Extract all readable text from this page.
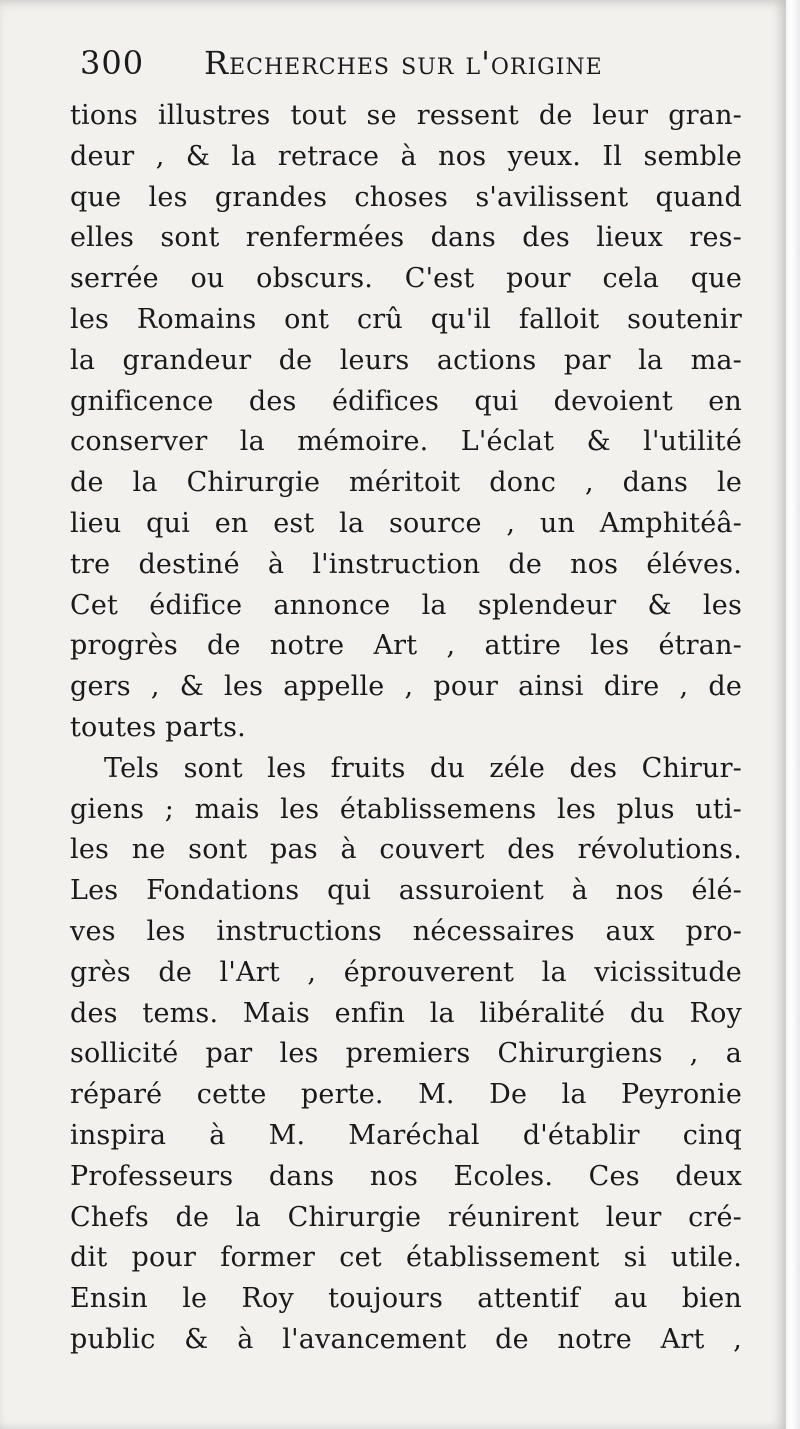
300 Recherches sur l'origine
tions illustres tout se ressent de leur gran-
deur , & la retrace à nos yeux. Il semble
que les grandes choses s'avilissent quand
elles sont renfermées dans des lieux res-
serrée ou obscurs. C'est pour cela que
les Romains ont crû qu'il falloit soutenir
la grandeur de leurs actions par la ma-
gnificence des édifices qui devoient en
conserver la mémoire. L'éclat & l'utilité
de la Chirurgie méritoit donc , dans le
lieu qui en est la source , un Amphitéâ-
tre destiné à l'instruction de nos éléves.
Cet édifice annonce la splendeur & les
progrès de notre Art , attire les étran-
gers , & les appelle , pour ainsi dire , de
toutes parts.
Tels sont les fruits du zéle des Chirur-
giens ; mais les établissemens les plus uti-
les ne sont pas à couvert des révolutions.
Les Fondations qui assuroient à nos élé-
ves les instructions nécessaires aux pro-
grès de l'Art , éprouverent la vicissitude
des tems. Mais enfin la libéralité du Roy
sollicité par les premiers Chirurgiens , a
réparé cette perte. M. De la Peyronie
inspira à M. Maréchal d'établir cinq
Professeurs dans nos Ecoles. Ces deux
Chefs de la Chirurgie réunirent leur cré-
dit pour former cet établissement si utile.
Ensin le Roy toujours attentif au bien
public & à l'avancement de notre Art ,
